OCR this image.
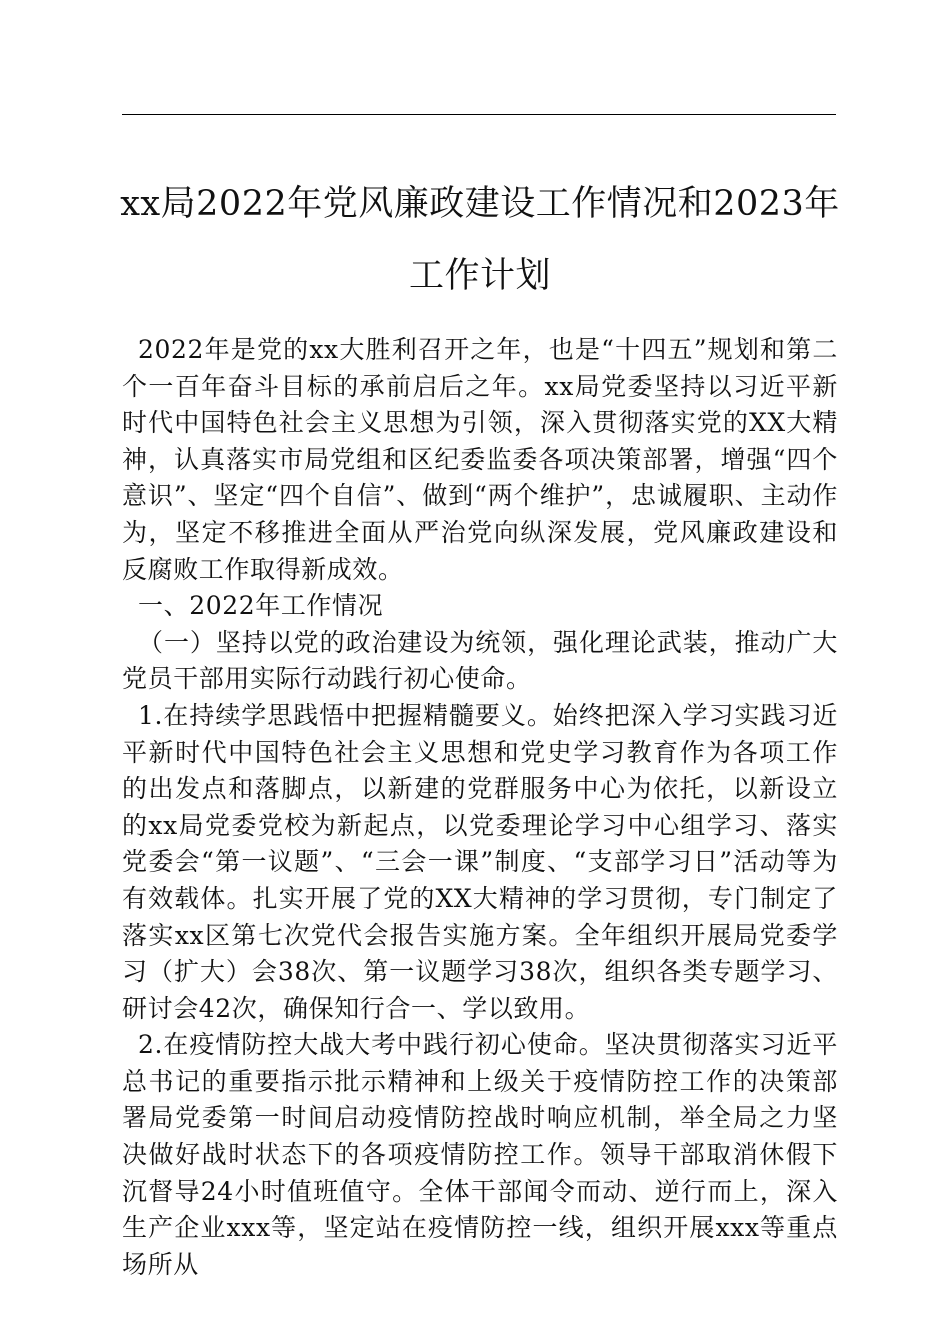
xx局2022年党风廉政建设工作情况和2023年
工作计划

2022年是党的xx大胜利召开之年，也是“十四五”规划和第二个一百年奋斗目标的承前启后之年。xx局党委坚持以习近平新时代中国特色社会主义思想为引领，深入贯彻落实党的XX大精神，认真落实市局党组和区纪委监委各项决策部署，增强“四个意识”、坚定“四个自信”、做到“两个维护”，忠诚履职、主动作为，坚定不移推进全面从严治党向纵深发展，党风廉政建设和反腐败工作取得新成效。

一、2022年工作情况

（一）坚持以党的政治建设为统领，强化理论武装，推动广大党员干部用实际行动践行初心使命。

1.在持续学思践悟中把握精髓要义。始终把深入学习实践习近平新时代中国特色社会主义思想和党史学习教育作为各项工作的出发点和落脚点，以新建的党群服务中心为依托，以新设立的xx局党委党校为新起点，以党委理论学习中心组学习、落实党委会“第一议题”、“三会一课”制度、“支部学习日”活动等为有效载体。扎实开展了党的XX大精神的学习贯彻，专门制定了落实xx区第七次党代会报告实施方案。全年组织开展局党委学习（扩大）会38次、第一议题学习38次，组织各类专题学习、研讨会42次，确保知行合一、学以致用。

2.在疫情防控大战大考中践行初心使命。坚决贯彻落实习近平总书记的重要指示批示精神和上级关于疫情防控工作的决策部署局党委第一时间启动疫情防控战时响应机制，举全局之力坚决做好战时状态下的各项疫情防控工作。领导干部取消休假下沉督导24小时值班值守。全体干部闻令而动、逆行而上，深入生产企业xxx等，坚定站在疫情防控一线，组织开展xxx等重点场所从
